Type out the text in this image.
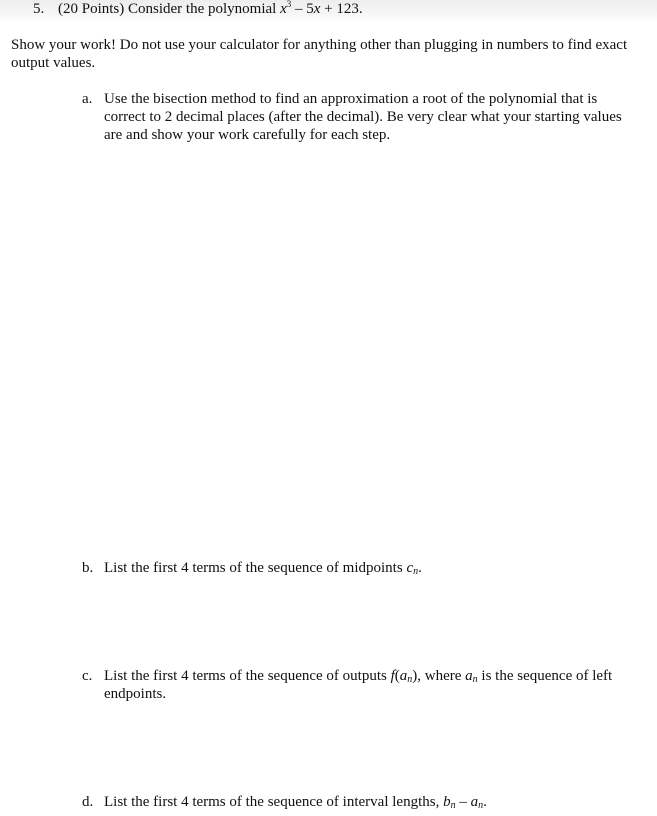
5. (20 Points) Consider the polynomial $x^3 - 5x + 123$.
Show your work! Do not use your calculator for anything other than plugging in numbers to find exact output values.
a. Use the bisection method to find an approximation a root of the polynomial that is correct to 2 decimal places (after the decimal). Be very clear what your starting values are and show your work carefully for each step.
b. List the first 4 terms of the sequence of midpoints $c_n$.
c. List the first 4 terms of the sequence of outputs $f(a_n)$, where $a_n$ is the sequence of left endpoints.
d. List the first 4 terms of the sequence of interval lengths, $b_n - a_n$.
